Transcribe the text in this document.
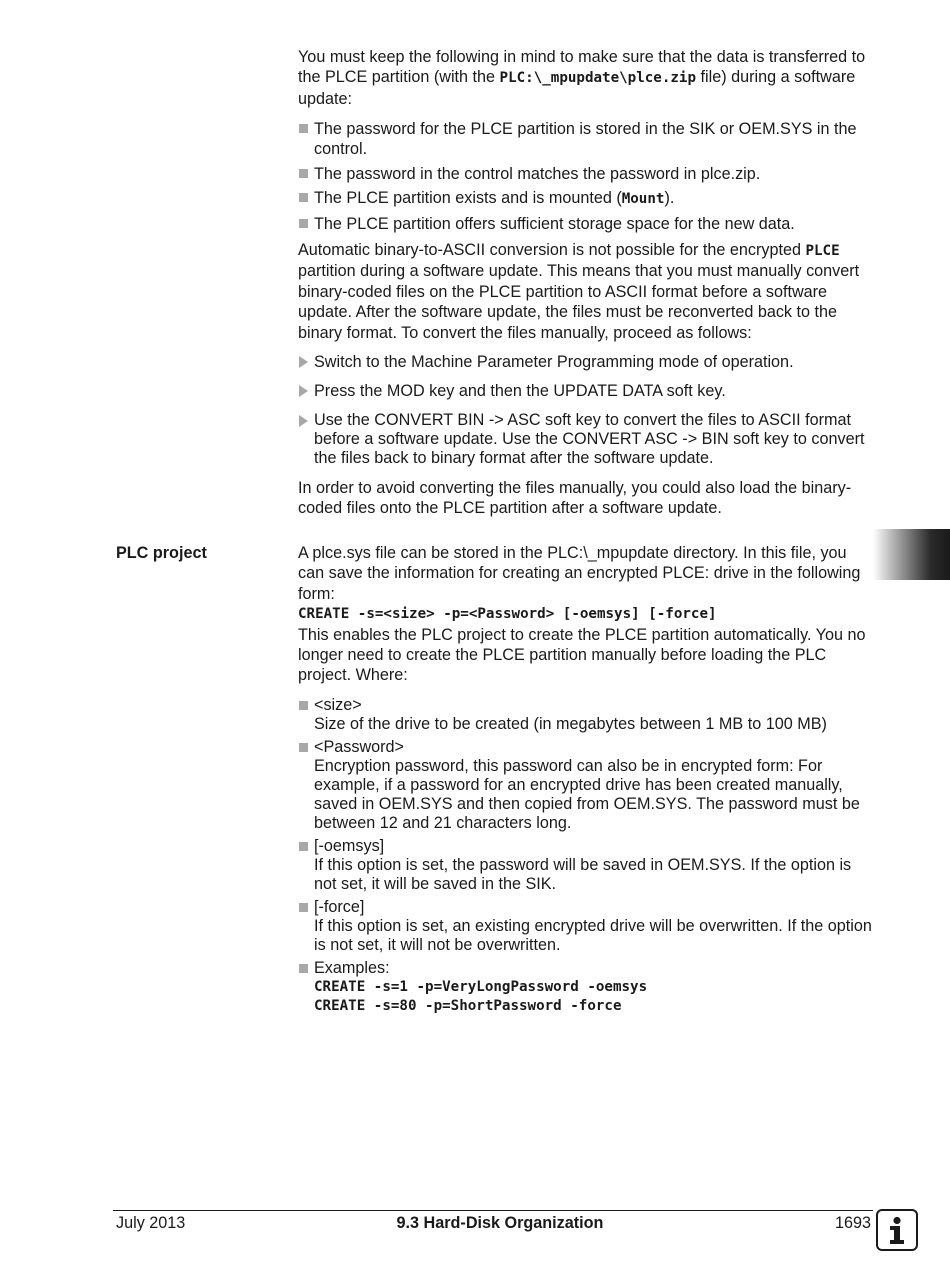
You must keep the following in mind to make sure that the data is transferred to the PLCE partition (with the PLC:\_mpupdate\plce.zip file) during a software update:

The password for the PLCE partition is stored in the SIK or OEM.SYS in the control.
The password in the control matches the password in plce.zip.
The PLCE partition exists and is mounted (Mount).
The PLCE partition offers sufficient storage space for the new data.

Automatic binary-to-ASCII conversion is not possible for the encrypted PLCE partition during a software update. This means that you must manually convert binary-coded files on the PLCE partition to ASCII format before a software update. After the software update, the files must be reconverted back to the binary format. To convert the files manually, proceed as follows:

Switch to the Machine Parameter Programming mode of operation.
Press the MOD key and then the UPDATE DATA soft key.
Use the CONVERT BIN -> ASC soft key to convert the files to ASCII format before a software update. Use the CONVERT ASC -> BIN soft key to convert the files back to binary format after the software update.

In order to avoid converting the files manually, you could also load the binary-coded files onto the PLCE partition after a software update.

PLC project	A plce.sys file can be stored in the PLC:\_mpupdate directory. In this file, you can save the information for creating an encrypted PLCE: drive in the following form:

CREATE -s=<size> -p=<Password> [-oemsys] [-force]

This enables the PLC project to create the PLCE partition automatically. You no longer need to create the PLCE partition manually before loading the PLC project. Where:

<size>
Size of the drive to be created (in megabytes between 1 MB to 100 MB)
<Password>
Encryption password, this password can also be in encrypted form: For example, if a password for an encrypted drive has been created manually, saved in OEM.SYS and then copied from OEM.SYS. The password must be between 12 and 21 characters long.
[-oemsys]
If this option is set, the password will be saved in OEM.SYS. If the option is not set, it will be saved in the SIK.
[-force]
If this option is set, an existing encrypted drive will be overwritten. If the option is not set, it will not be overwritten.
Examples:
CREATE -s=1 -p=VeryLongPassword -oemsys
CREATE -s=80 -p=ShortPassword -force
July 2013	9.3 Hard-Disk Organization	1693
